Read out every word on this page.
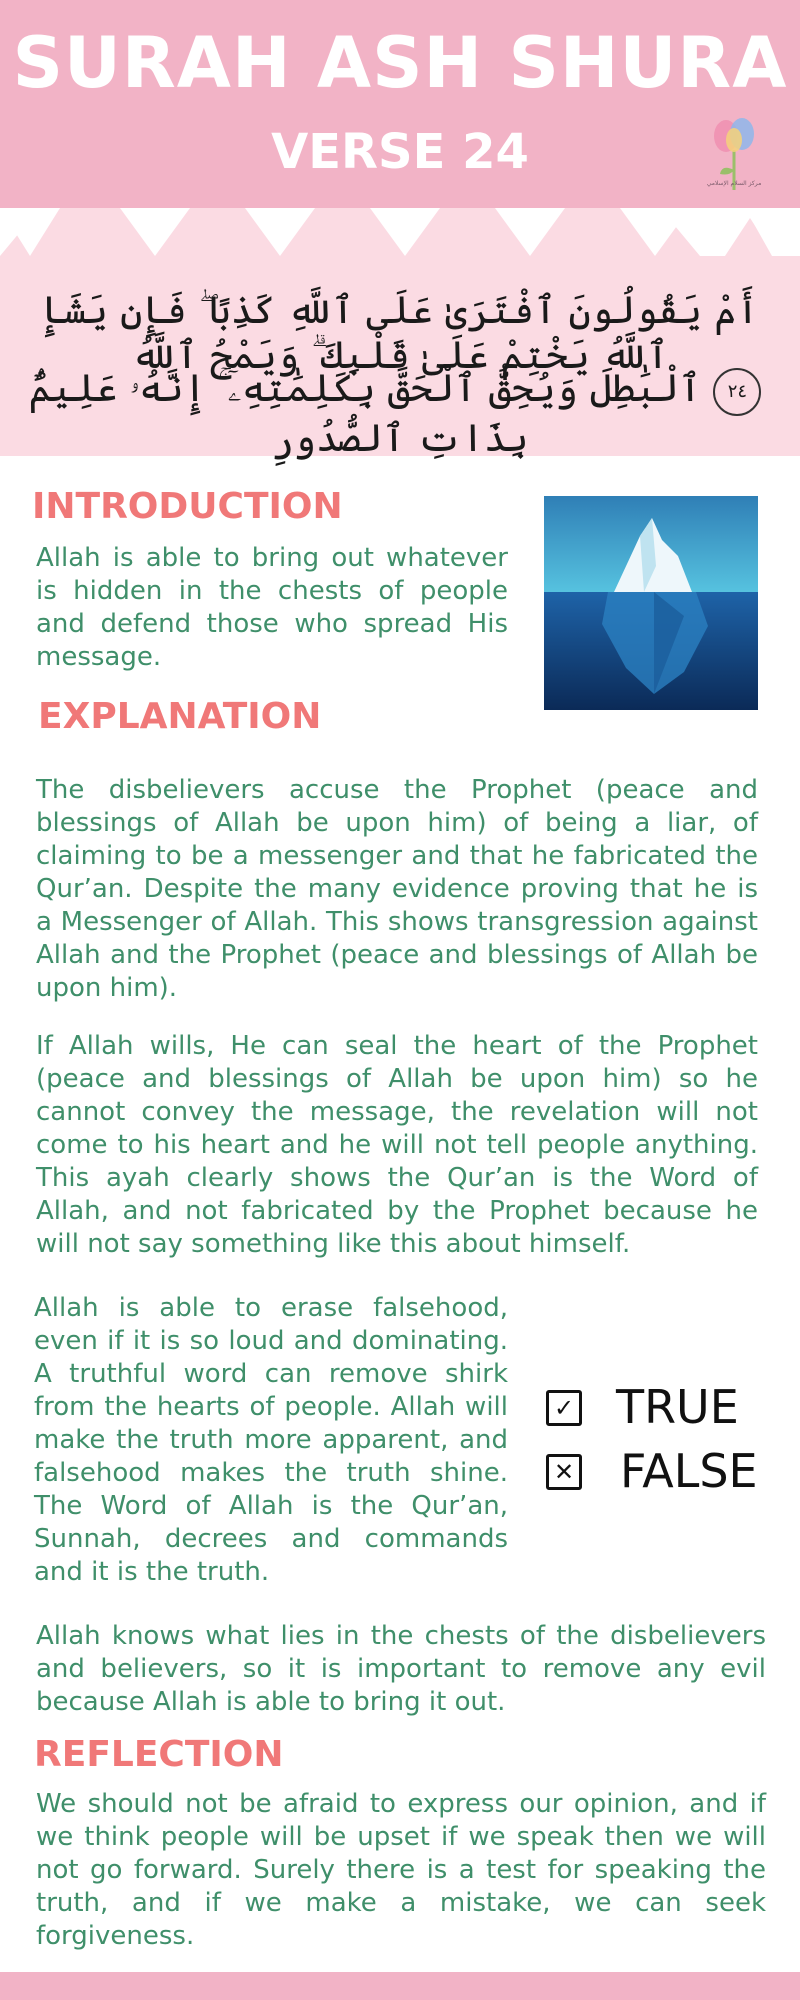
SURAH ASH SHURA
VERSE 24
مركز السلام الإسلامي
أَمْ يَقُولُونَ ٱفْتَرَىٰ عَلَى ٱللَّهِ كَذِبًا ۖ فَإِن يَشَإِ ٱللَّهُ يَخْتِمْ عَلَىٰ قَلْبِكَ ۗ وَيَمْحُ ٱللَّهُ
٢٤ ٱلْبَٰطِلَ وَيُحِقُّ ٱلْحَقَّ بِكَلِمَٰتِهِۦٓ ۚ إِنَّهُۥ عَلِيمٌۢ بِذَاتِ ٱلصُّدُورِ
INTRODUCTION

Allah is able to bring out whatever is hidden in the chests of people and defend those who spread His message.

EXPLANATION

The disbelievers accuse the Prophet (peace and blessings of Allah be upon him) of being a liar, of claiming to be a messenger and that he fabricated the Qur’an. Despite the many evidence proving that he is a Messenger of Allah. This shows transgression against Allah and the Prophet (peace and blessings of Allah be upon him).

If Allah wills, He can seal the heart of the Prophet (peace and blessings of Allah be upon him) so he cannot convey the message, the revelation will not come to his heart and he will not tell people anything. This ayah clearly shows the Qur’an is the Word of Allah, and not fabricated by the Prophet because he will not say something like this about himself.

Allah is able to erase falsehood, even if it is so loud and dominating. A truthful word can remove shirk from the hearts of people. Allah will make the truth more apparent, and falsehood makes the truth shine. The Word of Allah is the Qur’an, Sunnah, decrees and commands and it is the truth.

✓ TRUE
✕ FALSE

Allah knows what lies in the chests of the disbelievers and believers, so it is important to remove any evil because Allah is able to bring it out.

REFLECTION

We should not be afraid to express our opinion, and if we think people will be upset if we speak then we will not go forward. Surely there is a test for speaking the truth, and if we make a mistake, we can seek forgiveness.
